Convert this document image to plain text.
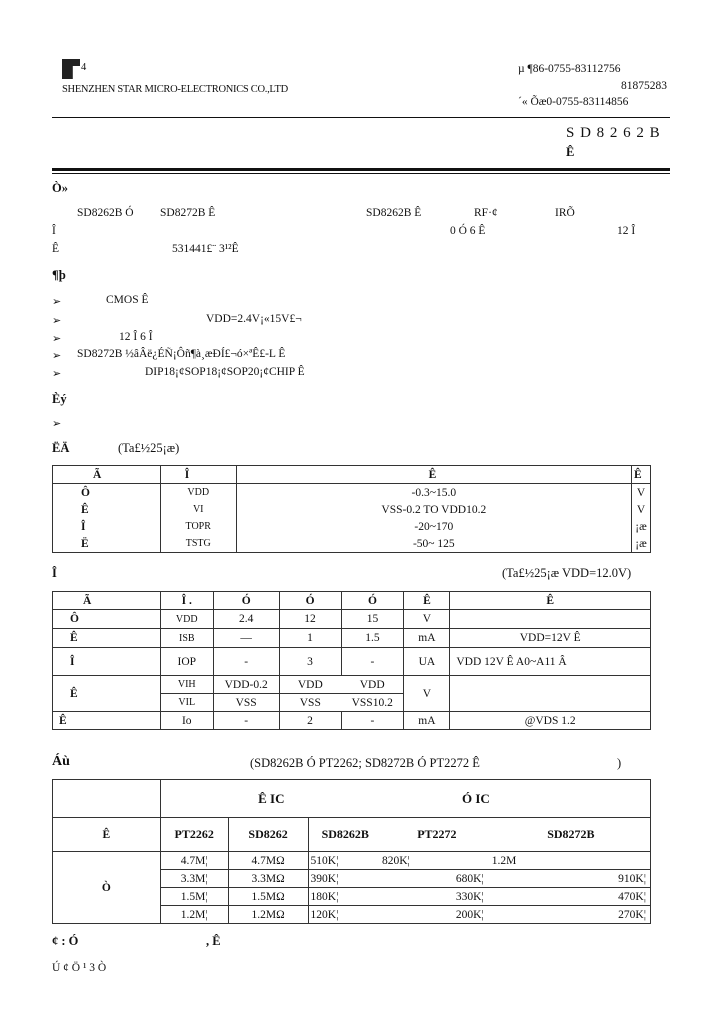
4
SHENZHEN STAR MICRO-ELECTRONICS CO.,LTD
µ ¶86-0755-83112756
81875283
´« Õæ0-0755-83114856
S D 8 2 6 2 B
Ê
Ò»
SD8262B Ó SD8272B Ê	SD8262B Ê	RF·¢	IRÕ
Î	0 Ó 6 Ê	12 Î
Ê	531441£¨ 3¹²Ê
¶þ
➢	CMOS Ê
➢	VDD=2.4V¡«15V£¬
➢	12 Î 6 Î
➢ SD8272B ½âÂë¿ÉÑ¡Ôñ¶à¸æÐÍ£¬ó×ªÊ£-L Ê
➢	DIP18¡¢SOP18¡¢SOP20¡¢CHIP Ê
Èý
➢
ËÄ	(Ta£½25¡æ)
Ã	Î	Ê	Ê
Ô	VDD	-0.3~15.0	V
Ê	VI	VSS-0.2 TO VDD10.2	V
Î	TOPR	-20~170	¡æ
Ë	TSTG	-50~ 125	¡æ
Î	(Ta£½25¡æ VDD=12.0V)
Ã	Î .	Ó	Ó	Ó	Ê	Ê
Ô	VDD	2.4	12	15	V	
Ê	ISB	—	1	1.5	mA	VDD=12V Ê
Î	IOP	-	3	-	UA	VDD 12V Ê A0~A11 Â
Ê	VIH	VDD-0.2	VDD	VDD	V	
	VIL	VSS	VSS	VSS10.2		
Ê	Io	-	2	-	mA	@VDS 1.2
Áù	(SD8262B Ó PT2262; SD8272B Ó PT2272 Ê	)
	Ê IC			Ó IC	
Ê	PT2262	SD8262	SD8262B	PT2272	SD8272B
Ò	4.7M¦	4.7MΩ	510K¦	820K¦	1.2M
	3.3M¦	3.3MΩ	390K¦	680K¦	910K¦
	1.5M¦	1.5MΩ	180K¦	330K¦	470K¦
	1.2M¦	1.2MΩ	120K¦	200K¦	270K¦
¢ : Ó	, Ê
Ú ¢ Ö ¹ 3 Ò
